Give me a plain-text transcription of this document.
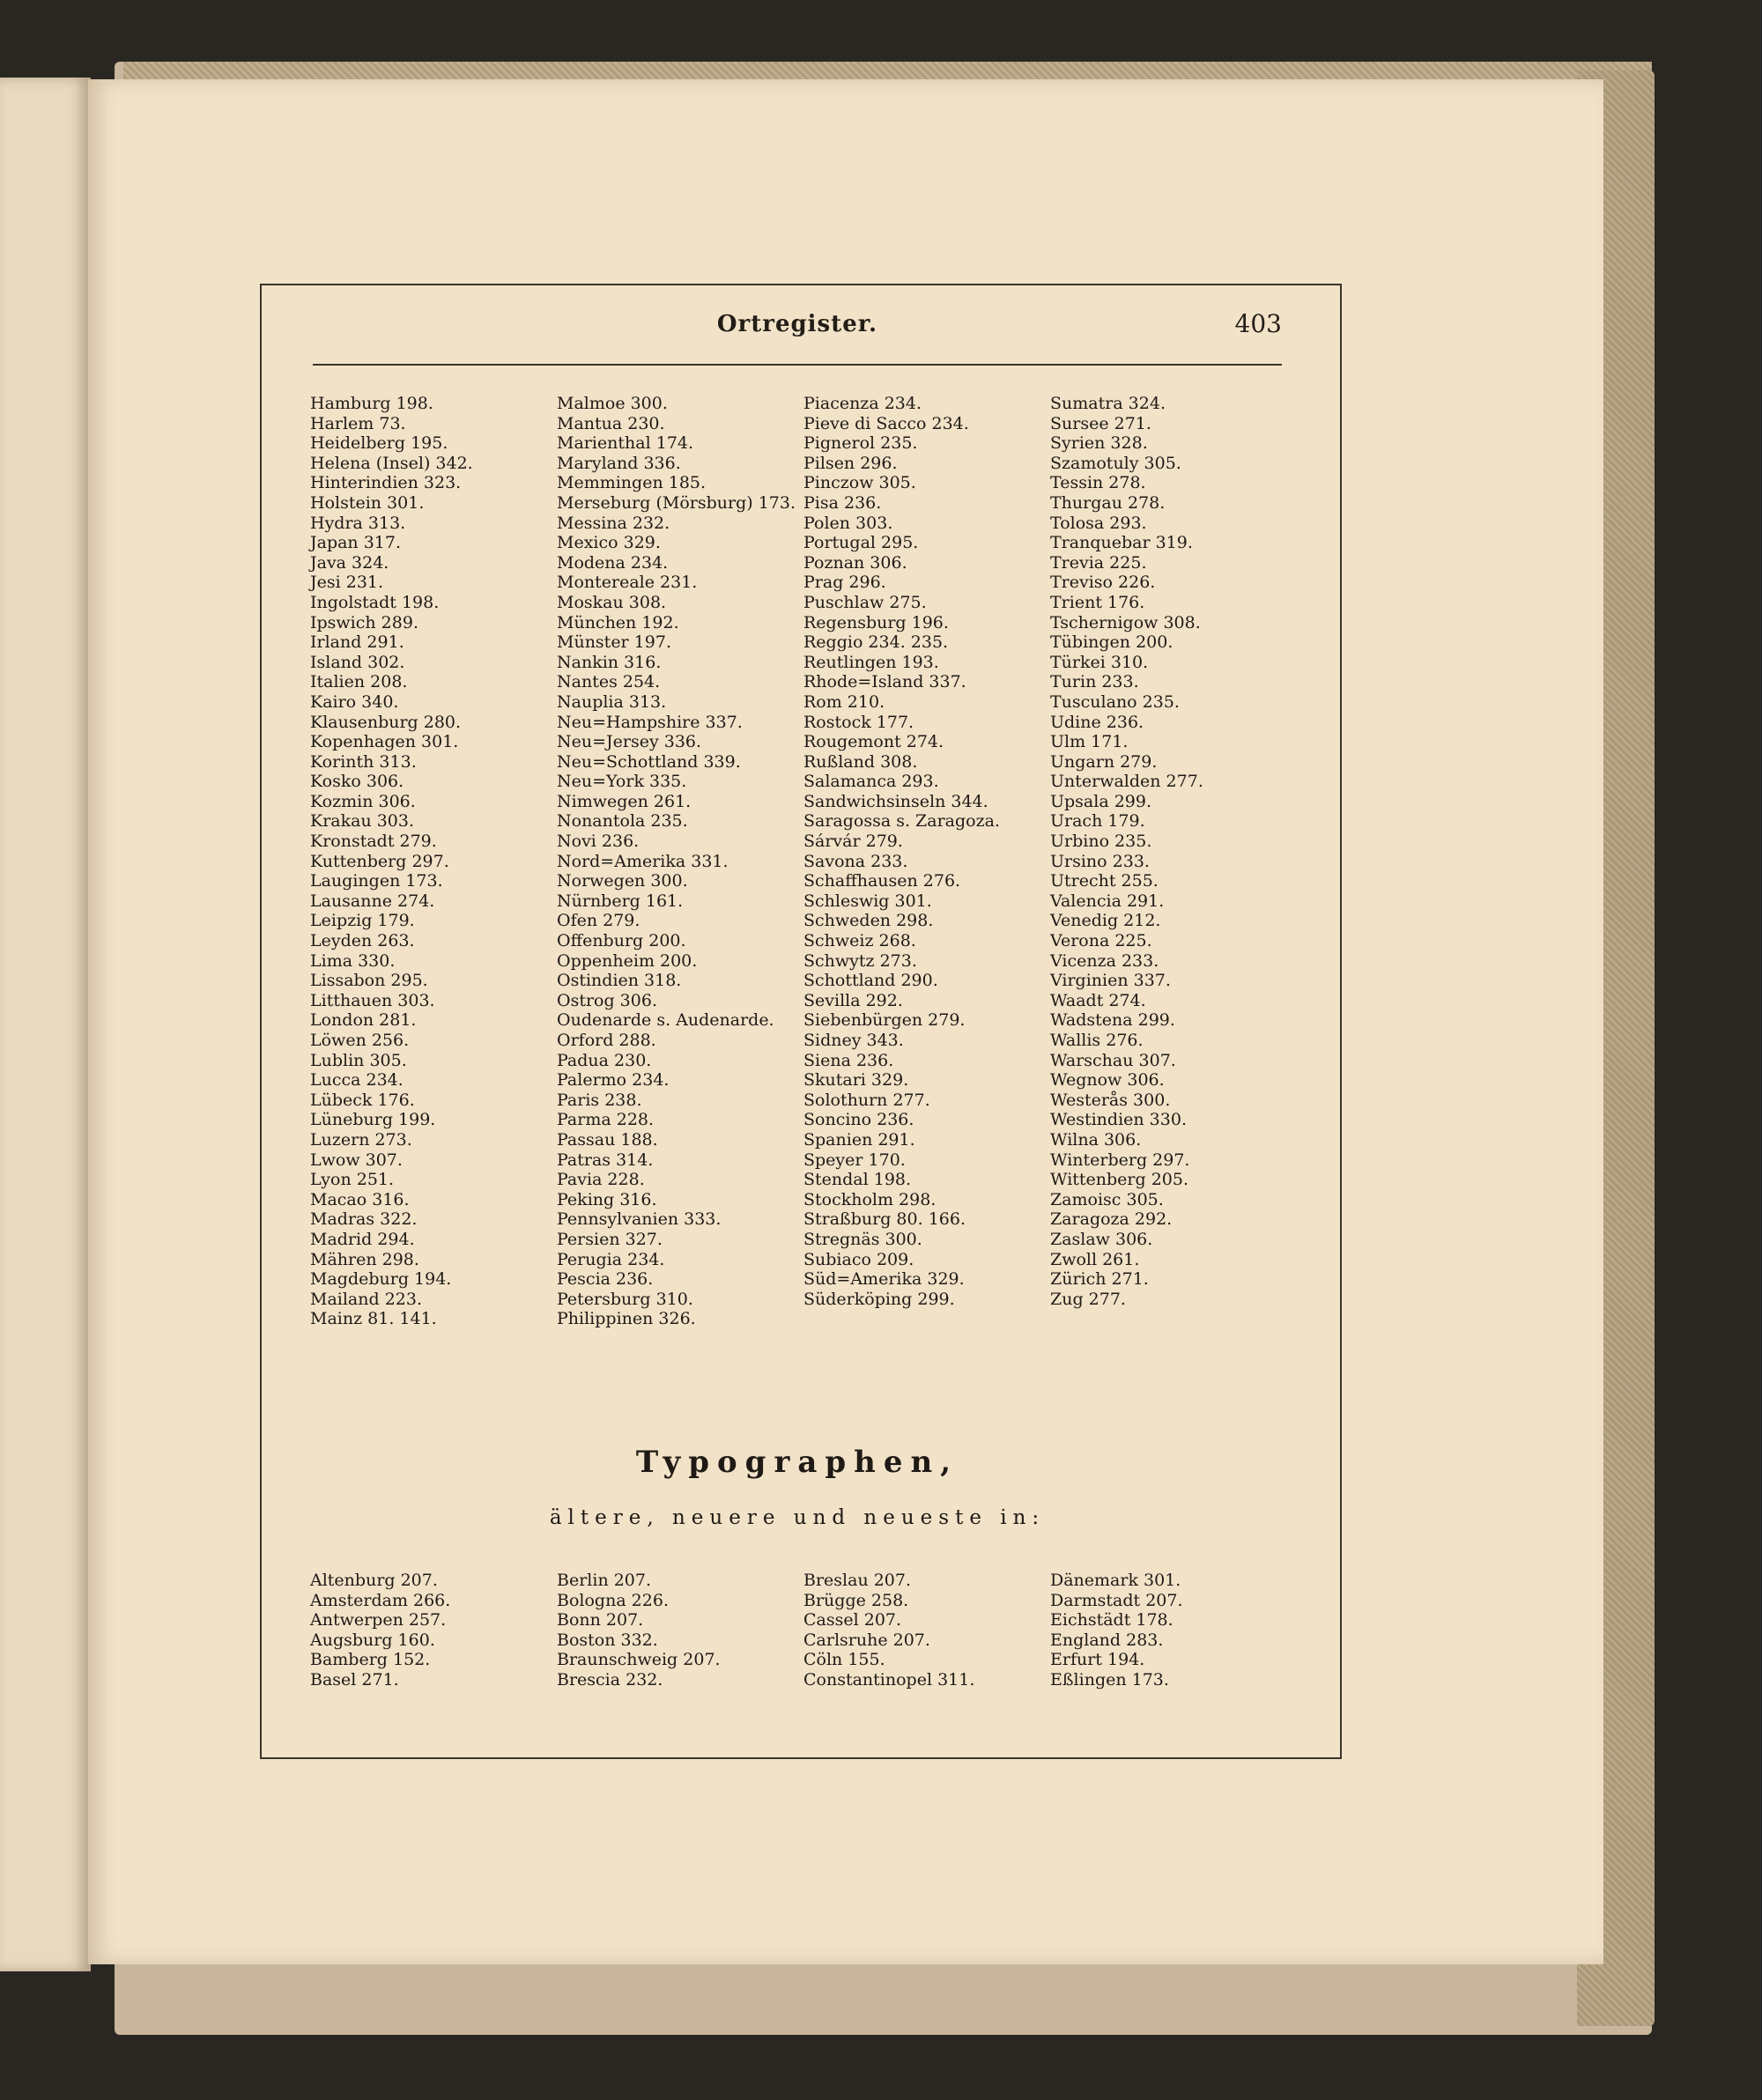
Ortregister.	403
Hamburg 198.
Harlem 73.
Heidelberg 195.
Helena (Insel) 342.
Hinterindien 323.
Holstein 301.
Hydra 313.
Japan 317.
Java 324.
Jesi 231.
Ingolstadt 198.
Ipswich 289.
Irland 291.
Island 302.
Italien 208.
Kairo 340.
Klausenburg 280.
Kopenhagen 301.
Korinth 313.
Kosko 306.
Kozmin 306.
Krakau 303.
Kronstadt 279.
Kuttenberg 297.
Laugingen 173.
Lausanne 274.
Leipzig 179.
Leyden 263.
Lima 330.
Lissabon 295.
Litthauen 303.
London 281.
Löwen 256.
Lublin 305.
Lucca 234.
Lübeck 176.
Lüneburg 199.
Luzern 273.
Lwow 307.
Lyon 251.
Macao 316.
Madras 322.
Madrid 294.
Mähren 298.
Magdeburg 194.
Mailand 223.
Mainz 81. 141.
Malmoe 300.
Mantua 230.
Marienthal 174.
Maryland 336.
Memmingen 185.
Merseburg (Mörsburg) 173.
Messina 232.
Mexico 329.
Modena 234.
Montereale 231.
Moskau 308.
München 192.
Münster 197.
Nankin 316.
Nantes 254.
Nauplia 313.
Neu=Hampshire 337.
Neu=Jersey 336.
Neu=Schottland 339.
Neu=York 335.
Nimwegen 261.
Nonantola 235.
Novi 236.
Nord=Amerika 331.
Norwegen 300.
Nürnberg 161.
Ofen 279.
Offenburg 200.
Oppenheim 200.
Ostindien 318.
Ostrog 306.
Oudenarde s. Audenarde.
Orford 288.
Padua 230.
Palermo 234.
Paris 238.
Parma 228.
Passau 188.
Patras 314.
Pavia 228.
Peking 316.
Pennsylvanien 333.
Persien 327.
Perugia 234.
Pescia 236.
Petersburg 310.
Philippinen 326.
Piacenza 234.
Pieve di Sacco 234.
Pignerol 235.
Pilsen 296.
Pinczow 305.
Pisa 236.
Polen 303.
Portugal 295.
Poznan 306.
Prag 296.
Puschlaw 275.
Regensburg 196.
Reggio 234. 235.
Reutlingen 193.
Rhode=Island 337.
Rom 210.
Rostock 177.
Rougemont 274.
Rußland 308.
Salamanca 293.
Sandwichsinseln 344.
Saragossa s. Zaragoza.
Sárvár 279.
Savona 233.
Schaffhausen 276.
Schleswig 301.
Schweden 298.
Schweiz 268.
Schwytz 273.
Schottland 290.
Sevilla 292.
Siebenbürgen 279.
Sidney 343.
Siena 236.
Skutari 329.
Solothurn 277.
Soncino 236.
Spanien 291.
Speyer 170.
Stendal 198.
Stockholm 298.
Straßburg 80. 166.
Stregnäs 300.
Subiaco 209.
Süd=Amerika 329.
Süderköping 299.
Sumatra 324.
Sursee 271.
Syrien 328.
Szamotuly 305.
Tessin 278.
Thurgau 278.
Tolosa 293.
Tranquebar 319.
Trevia 225.
Treviso 226.
Trient 176.
Tschernigow 308.
Tübingen 200.
Türkei 310.
Turin 233.
Tusculano 235.
Udine 236.
Ulm 171.
Ungarn 279.
Unterwalden 277.
Upsala 299.
Urach 179.
Urbino 235.
Ursino 233.
Utrecht 255.
Valencia 291.
Venedig 212.
Verona 225.
Vicenza 233.
Virginien 337.
Waadt 274.
Wadstena 299.
Wallis 276.
Warschau 307.
Wegnow 306.
Westerås 300.
Westindien 330.
Wilna 306.
Winterberg 297.
Wittenberg 205.
Zamoisc 305.
Zaragoza 292.
Zaslaw 306.
Zwoll 261.
Zürich 271.
Zug 277.
Typographen,
ältere, neuere und neueste in:
Altenburg 207.
Amsterdam 266.
Antwerpen 257.
Augsburg 160.
Bamberg 152.
Basel 271.
Berlin 207.
Bologna 226.
Bonn 207.
Boston 332.
Braunschweig 207.
Brescia 232.
Breslau 207.
Brügge 258.
Cassel 207.
Carlsruhe 207.
Cöln 155.
Constantinopel 311.
Dänemark 301.
Darmstadt 207.
Eichstädt 178.
England 283.
Erfurt 194.
Eßlingen 173.
